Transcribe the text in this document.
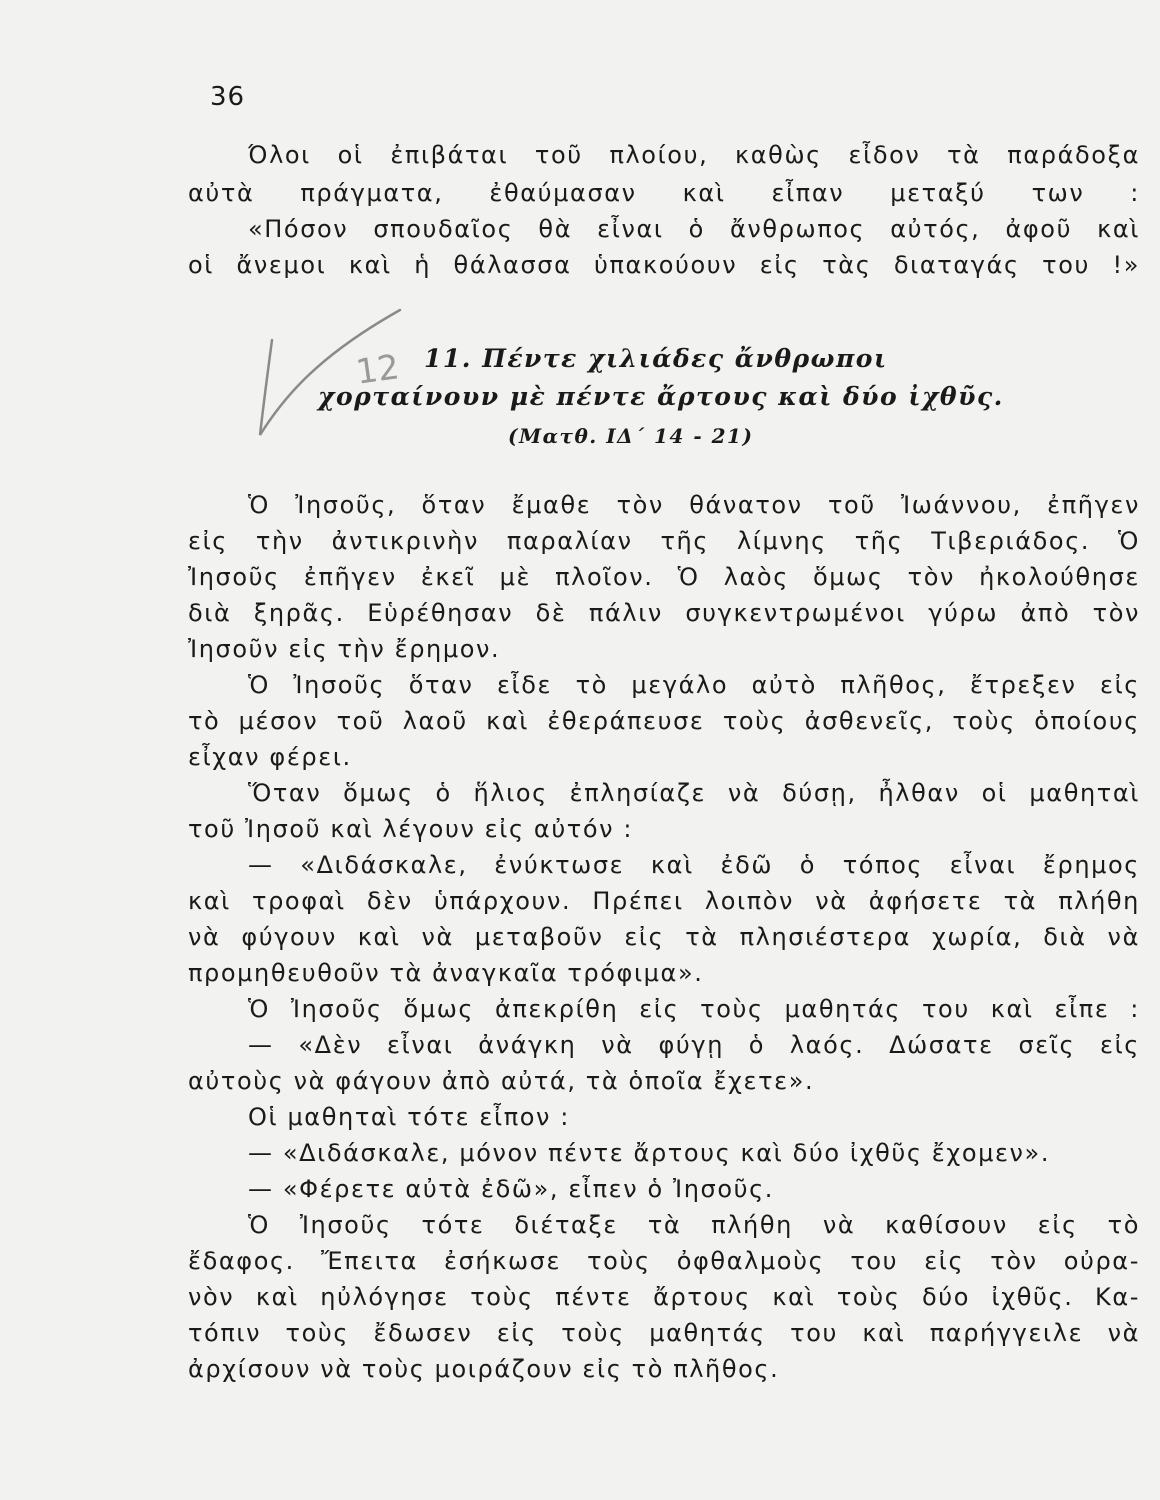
36
Όλοι οἱ ἐπιβάται τοῦ πλοίου, καθὼς εἶδον τὰ παράδοξα
αὐτὰ πράγματα, ἐθαύμασαν καὶ εἶπαν μεταξύ των :
«Πόσον σπουδαῖος θὰ εἶναι ὁ ἄνθρωπος αὐτός, ἀφοῦ καὶ
οἱ ἄνεμοι καὶ ἡ θάλασσα ὑπακούουν εἰς τὰς διαταγάς του !»
12 11. Πέντε χιλιάδες ἄνθρωποι
χορταίνουν μὲ πέντε ἄρτους καὶ δύο ἰχθῦς.
(Ματθ. ΙΔ΄ 14 - 21)
Ὁ Ἰησοῦς, ὅταν ἔμαθε τὸν θάνατον τοῦ Ἰωάννου, ἐπῆγεν
εἰς τὴν ἀντικρινὴν παραλίαν τῆς λίμνης τῆς Τιβεριάδος. Ὁ
Ἰησοῦς ἐπῆγεν ἐκεῖ μὲ πλοῖον. Ὁ λαὸς ὅμως τὸν ἠκολούθησε
διὰ ξηρᾶς. Εὑρέθησαν δὲ πάλιν συγκεντρωμένοι γύρω ἀπὸ τὸν
Ἰησοῦν εἰς τὴν ἔρημον.
Ὁ Ἰησοῦς ὅταν εἶδε τὸ μεγάλο αὐτὸ πλῆθος, ἔτρεξεν εἰς
τὸ μέσον τοῦ λαοῦ καὶ ἐθεράπευσε τοὺς ἀσθενεῖς, τοὺς ὁποίους
εἶχαν φέρει.
Ὅταν ὅμως ὁ ἥλιος ἐπλησίαζε νὰ δύσῃ, ἦλθαν οἱ μαθηταὶ
τοῦ Ἰησοῦ καὶ λέγουν εἰς αὐτόν :
— «Διδάσκαλε, ἐνύκτωσε καὶ ἐδῶ ὁ τόπος εἶναι ἔρημος
καὶ τροφαὶ δὲν ὑπάρχουν. Πρέπει λοιπὸν νὰ ἀφήσετε τὰ πλήθη
νὰ φύγουν καὶ νὰ μεταβοῦν εἰς τὰ πλησιέστερα χωρία, διὰ νὰ
προμηθευθοῦν τὰ ἀναγκαῖα τρόφιμα».
Ὁ Ἰησοῦς ὅμως ἀπεκρίθη εἰς τοὺς μαθητάς του καὶ εἶπε :
— «Δὲν εἶναι ἀνάγκη νὰ φύγῃ ὁ λαός. Δώσατε σεῖς εἰς
αὐτοὺς νὰ φάγουν ἀπὸ αὐτά, τὰ ὁποῖα ἔχετε».
Οἱ μαθηταὶ τότε εἶπον :
— «Διδάσκαλε, μόνον πέντε ἄρτους καὶ δύο ἰχθῦς ἔχομεν».
— «Φέρετε αὐτὰ ἐδῶ», εἶπεν ὁ Ἰησοῦς.
Ὁ Ἰησοῦς τότε διέταξε τὰ πλήθη νὰ καθίσουν εἰς τὸ
ἔδαφος. Ἔπειτα ἐσήκωσε τοὺς ὀφθαλμοὺς του εἰς τὸν οὐρα-
νὸν καὶ ηὐλόγησε τοὺς πέντε ἄρτους καὶ τοὺς δύο ἰχθῦς. Κα-
τόπιν τοὺς ἔδωσεν εἰς τοὺς μαθητάς του καὶ παρήγγειλε νὰ
ἀρχίσουν νὰ τοὺς μοιράζουν εἰς τὸ πλῆθος.
